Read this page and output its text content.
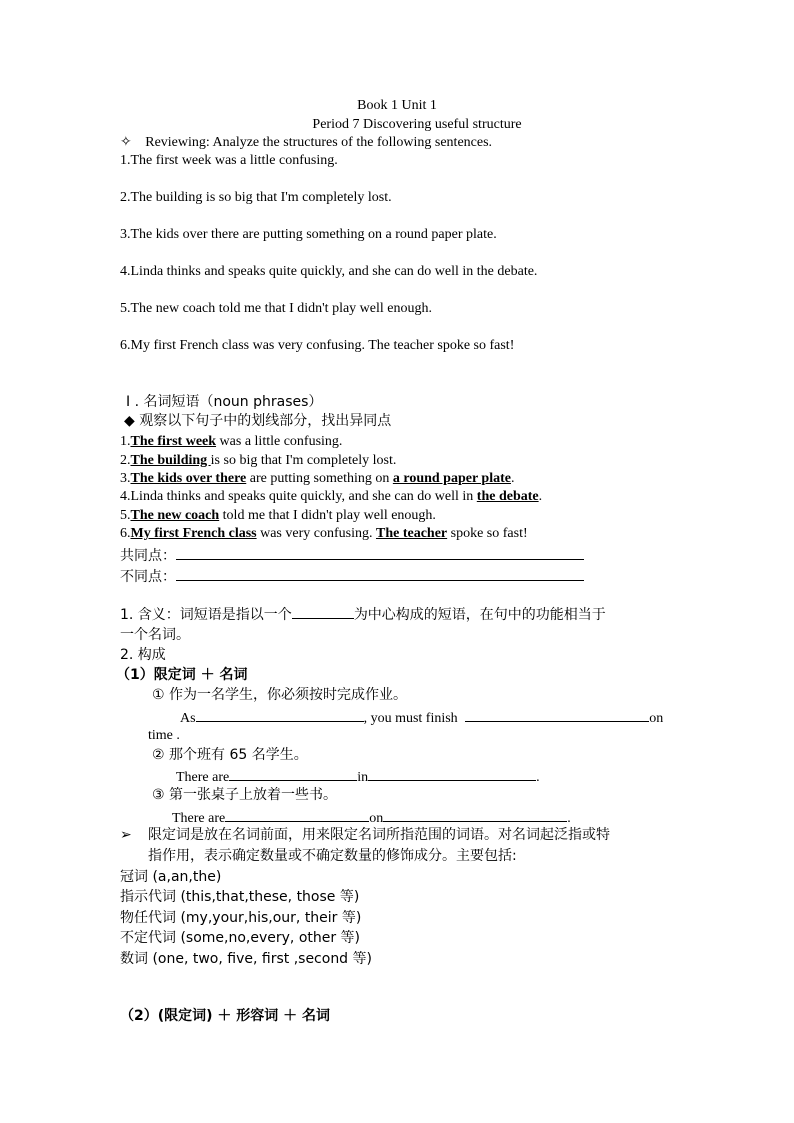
Book 1 Unit 1
Period 7 Discovering useful structure
✧ Reviewing: Analyze the structures of the following sentences.
1.The first week was a little confusing.
2.The building is so big that I'm completely lost.
3.The kids over there are putting something on a round paper plate.
4.Linda thinks and speaks quite quickly, and she can do well in the debate.
5.The new coach told me that I didn't play well enough.
6.My first French class was very confusing. The teacher spoke so fast!
Ⅰ . 名词短语（noun phrases）
◆ 观察以下句子中的划线部分，找出异同点
1.The first week was a little confusing.
2.The building is so big that I'm completely lost.
3.The kids over there are putting something on a round paper plate.
4.Linda thinks and speaks quite quickly, and she can do well in the debate.
5.The new coach told me that I didn't play well enough.
6.My first French class was very confusing. The teacher spoke so fast!
共同点：
不同点：
1. 含义：词短语是指以一个	为中心构成的短语，在句中的功能相当于
一个名词。
2. 构成
（1）限定词 ＋ 名词
① 作为一名学生，你必须按时完成作业。
As	, you must finish	on
time .
② 那个班有 65 名学生。
There are	in	.
③ 第一张桌子上放着一些书。
There are	on	.
➢ 限定词是放在名词前面，用来限定名词所指范围的词语。对名词起泛指或特
指作用，表示确定数量或不确定数量的修饰成分。主要包括:
冠词 (a,an,the)
指示代词 (this,that,these, those 等)
物任代词 (my,your,his,our, their 等)
不定代词 (some,no,every, other 等)
数词 (one, two, five, first ,second 等)
（2）(限定词) ＋ 形容词 ＋ 名词
